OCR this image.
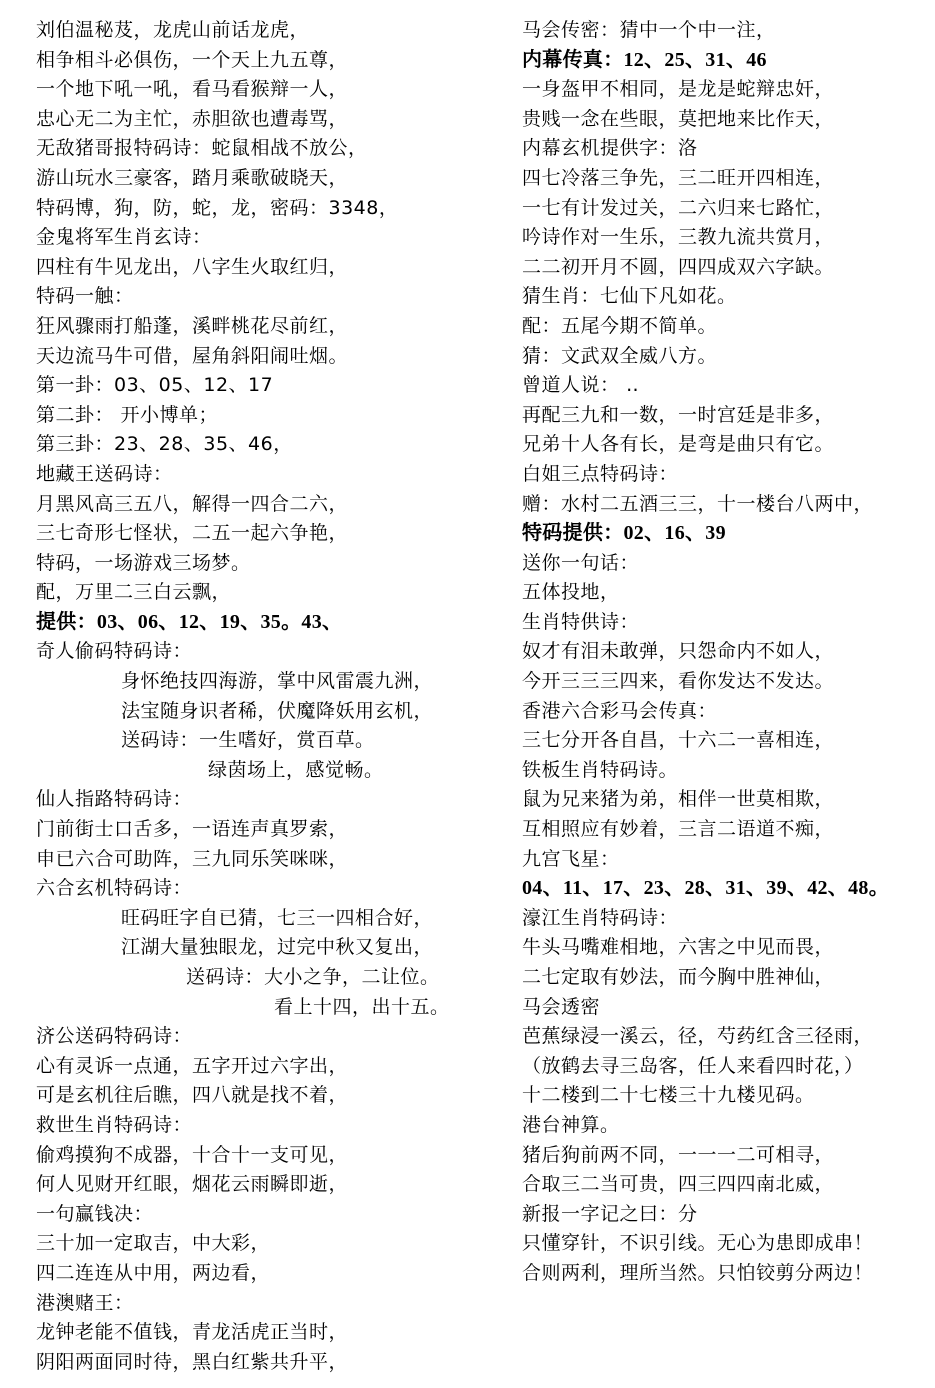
刘伯温秘芨，龙虎山前话龙虎，
相争相斗必俱伤，一个天上九五尊，
一个地下吼一吼，看马看猴辩一人，
忠心无二为主忙，赤胆欲也遭毒骂，
无敌猪哥报特码诗：蛇鼠相战不放公，
游山玩水三豪客，踏月乘歌破晓天，
特码博，狗，防，蛇，龙，密码：3348，
金鬼将军生肖玄诗：
四柱有牛见龙出，八字生火取红归，
特码一触：
狂风骤雨打船蓬，溪畔桃花尽前红，
天边流马牛可借，屋角斜阳闹吐烟。
第一卦：03、05、12、17
第二卦： 开小博单；
第三卦：23、28、35、46，
地藏王送码诗：
月黑风高三五八，解得一四合二六，
三七奇形七怪状，二五一起六争艳，
特码，一场游戏三场梦。
配，万里二三白云飘，
提供：03、06、12、19、35。43、
奇人偷码特码诗：
身怀绝技四海游，掌中风雷震九洲，
法宝随身识者稀，伏魔降妖用玄机，
送码诗：一生嗜好，赏百草。
绿茵场上，感觉畅。
仙人指路特码诗：
门前街士口舌多，一语连声真罗索，
申已六合可助阵，三九同乐笑咪咪，
六合玄机特码诗：
旺码旺字自已猜，七三一四相合好，
江湖大量独眼龙，过完中秋又复出，
送码诗：大小之争，二让位。
看上十四，出十五。
济公送码特码诗：
心有灵诉一点通，五字开过六字出，
可是玄机往后瞧，四八就是找不着，
救世生肖特码诗：
偷鸡摸狗不成器，十合十一支可见，
何人见财开红眼，烟花云雨瞬即逝，
一句赢钱决：
三十加一定取吉，中大彩，
四二连连从中用，两边看，
港澳赌王：
龙钟老能不值钱，青龙活虎正当时，
阴阳两面同时待，黑白红紫共升平，
马会传密：猜中一个中一注，
内幕传真：12、25、31、46
一身盔甲不相同，是龙是蛇辩忠奸，
贵贱一念在些眼，莫把地来比作天，
内幕玄机提供字：洛
四七冷落三争先，三二旺开四相连，
一七有计发过关，二六归来七路忙，
吟诗作对一生乐，三教九流共赏月，
二二初开月不圆，四四成双六字缺。
猜生肖：七仙下凡如花。
配：五尾今期不简单。
猜：文武双全威八方。
曾道人说： ‥
再配三九和一数，一时宫廷是非多，
兄弟十人各有长，是弯是曲只有它。
白姐三点特码诗：
赠：水村二五酒三三，十一楼台八两中，
特码提供：02、16、39
送你一句话：
五体投地，
生肖特供诗：
奴才有泪未敢弹，只怨命内不如人，
今开三三三四来，看你发达不发达。
香港六合彩马会传真：
三七分开各自昌，十六二一喜相连，
铁板生肖特码诗。
鼠为兄来猪为弟，相伴一世莫相欺，
互相照应有妙着，三言二语道不痴，
九宫飞星：
04、11、17、23、28、31、39、42、48。
濠江生肖特码诗：
牛头马嘴难相地，六害之中见而畏，
二七定取有妙法，而今胸中胜神仙，
马会透密
芭蕉绿浸一溪云，径，芍药红含三径雨，
（放鹤去寻三岛客，任人来看四时花，）
十二楼到二十七楼三十九楼见码。
港台神算。
猪后狗前两不同，一一一二可相寻，
合取三二当可贵，四三四四南北威，
新报一字记之曰：分
只懂穿针，不识引线。无心为患即成串！
合则两利，理所当然。只怕铰剪分两边！
